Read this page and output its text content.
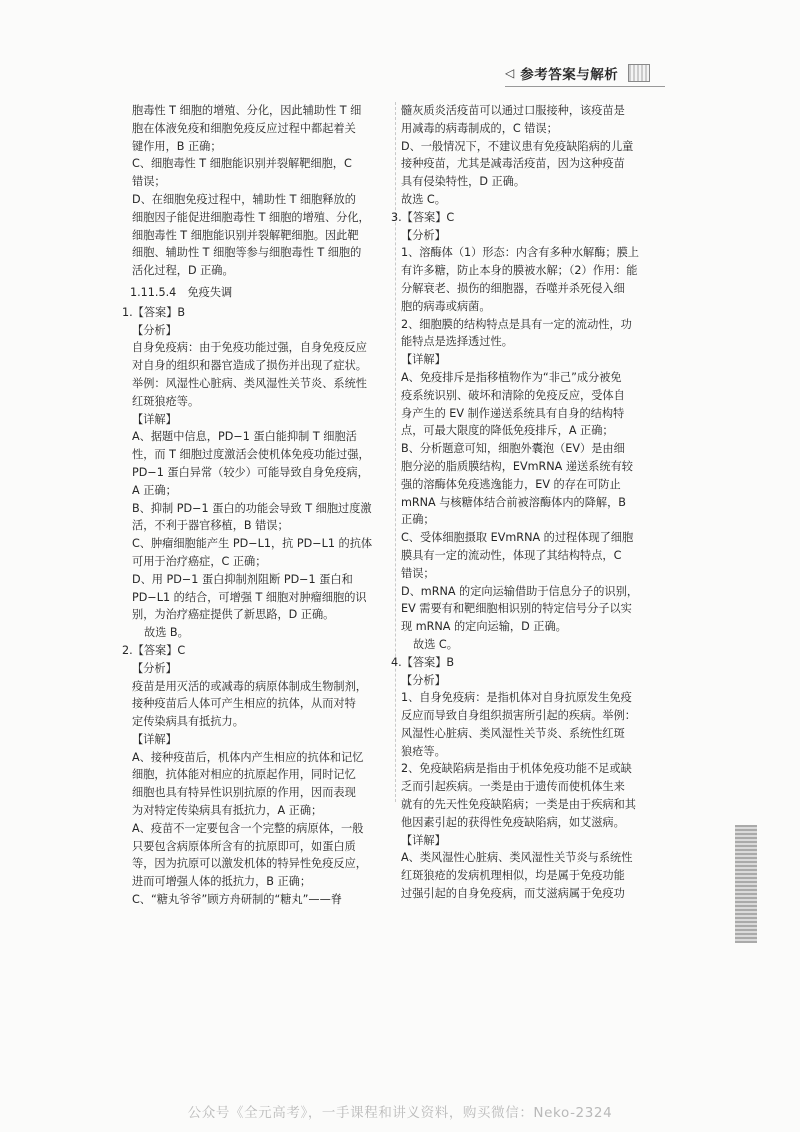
◁ 参考答案与解析

胞毒性 T 细胞的增殖、分化，因此辅助性 T 细

胞在体液免疫和细胞免疫反应过程中都起着关

键作用，B 正确；

C、细胞毒性 T 细胞能识别并裂解靶细胞，C

错误；

D、在细胞免疫过程中，辅助性 T 细胞释放的

细胞因子能促进细胞毒性 T 细胞的增殖、分化，

细胞毒性 T 细胞能识别并裂解靶细胞。因此靶

细胞、辅助性 T 细胞等参与细胞毒性 T 细胞的

活化过程，D 正确。

1.11.5.4　免疫失调

1.【答案】B

【分析】

自身免疫病：由于免疫功能过强，自身免疫反应

对自身的组织和器官造成了损伤并出现了症状。

举例：风湿性心脏病、类风湿性关节炎、系统性

红斑狼疮等。

【详解】

A、据题中信息，PD−1 蛋白能抑制 T 细胞活

性，而 T 细胞过度激活会使机体免疫功能过强，

PD−1 蛋白异常（较少）可能导致自身免疫病，

A 正确；

B、抑制 PD−1 蛋白的功能会导致 T 细胞过度激

活，不利于器官移植，B 错误；

C、肿瘤细胞能产生 PD−L1，抗 PD−L1 的抗体

可用于治疗癌症，C 正确；

D、用 PD−1 蛋白抑制剂阻断 PD−1 蛋白和

PD−L1 的结合，可增强 T 细胞对肿瘤细胞的识

别，为治疗癌症提供了新思路，D 正确。

故选 B。

2.【答案】C

【分析】

疫苗是用灭活的或减毒的病原体制成生物制剂，

接种疫苗后人体可产生相应的抗体，从而对特

定传染病具有抵抗力。

【详解】

A、接种疫苗后，机体内产生相应的抗体和记忆

细胞，抗体能对相应的抗原起作用，同时记忆

细胞也具有特异性识别抗原的作用，因而表现

为对特定传染病具有抵抗力，A 正确；

A、疫苗不一定要包含一个完整的病原体，一般

只要包含病原体所含有的抗原即可，如蛋白质

等，因为抗原可以激发机体的特异性免疫反应，

进而可增强人体的抵抗力，B 正确；

C、“糖丸爷爷”顾方舟研制的“糖丸”——脊

髓灰质炎活疫苗可以通过口服接种，该疫苗是

用减毒的病毒制成的，C 错误；

D、一般情况下，不建议患有免疫缺陷病的儿童

接种疫苗，尤其是减毒活疫苗，因为这种疫苗

具有侵染特性，D 正确。

故选 C。

3.【答案】C

【分析】

1、溶酶体（1）形态：内含有多种水解酶；膜上

有许多糖，防止本身的膜被水解；（2）作用：能

分解衰老、损伤的细胞器，吞噬并杀死侵入细

胞的病毒或病菌。

2、细胞膜的结构特点是具有一定的流动性，功

能特点是选择透过性。

【详解】

A、免疫排斥是指移植物作为“非己”成分被免

疫系统识别、破坏和清除的免疫反应，受体自

身产生的 EV 制作递送系统具有自身的结构特

点，可最大限度的降低免疫排斥，A 正确；

B、分析题意可知，细胞外囊泡（EV）是由细

胞分泌的脂质膜结构，EVmRNA 递送系统有较

强的溶酶体免疫逃逸能力，EV 的存在可防止

mRNA 与核糖体结合前被溶酶体内的降解，B

正确；

C、受体细胞摄取 EVmRNA 的过程体现了细胞

膜具有一定的流动性，体现了其结构特点，C

错误；

D、mRNA 的定向运输借助于信息分子的识别，

EV 需要有和靶细胞相识别的特定信号分子以实

现 mRNA 的定向运输，D 正确。

故选 C。

4.【答案】B

【分析】

1、自身免疫病：是指机体对自身抗原发生免疫

反应而导致自身组织损害所引起的疾病。举例：

风湿性心脏病、类风湿性关节炎、系统性红斑

狼疮等。

2、免疫缺陷病是指由于机体免疫功能不足或缺

乏而引起疾病。一类是由于遗传而使机体生来

就有的先天性免疫缺陷病；一类是由于疾病和其

他因素引起的获得性免疫缺陷病，如艾滋病。

【详解】

A、类风湿性心脏病、类风湿性关节炎与系统性

红斑狼疮的发病机理相似，均是属于免疫功能

过强引起的自身免疫病，而艾滋病属于免疫功

公众号《全元高考》，一手课程和讲义资料，购买微信：Neko-2324
